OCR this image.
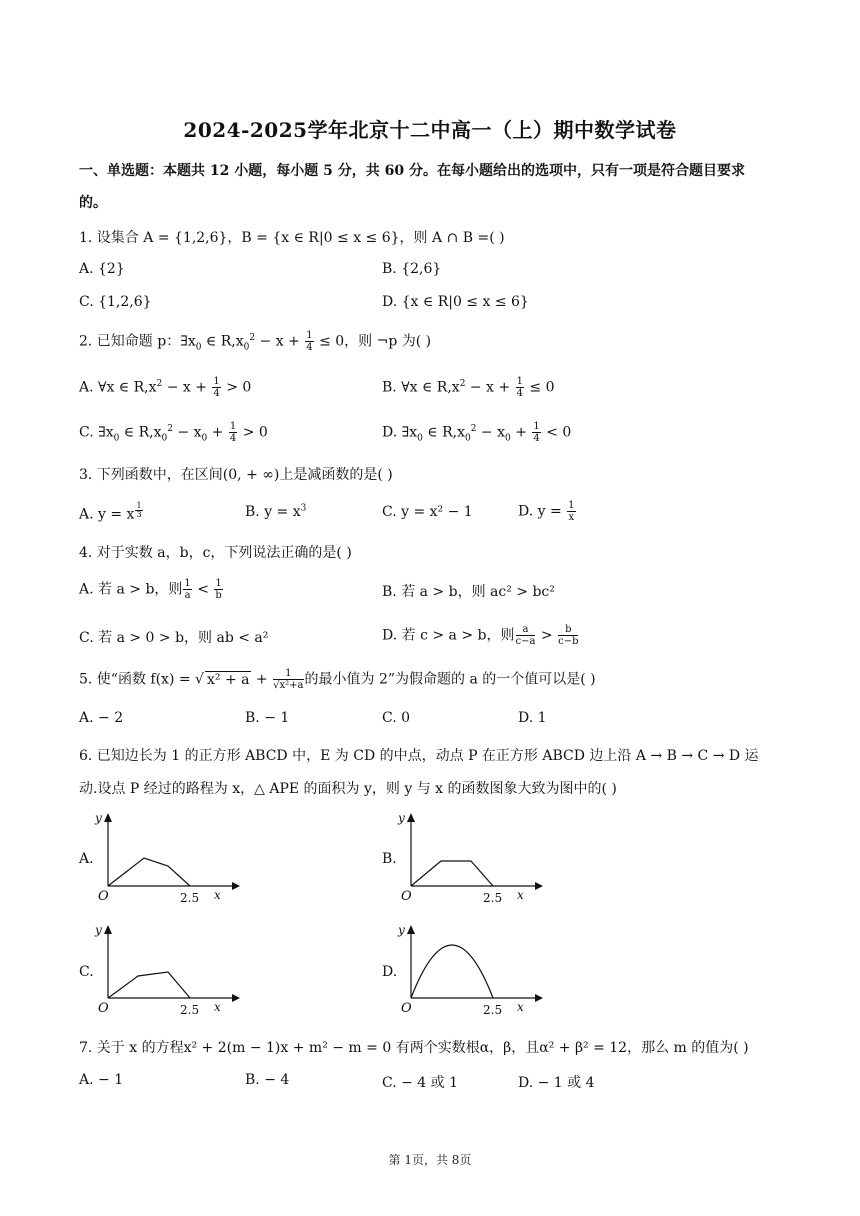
2024-2025学年北京十二中高一（上）期中数学试卷
一、单选题：本题共 12 小题，每小题 5 分，共 60 分。在每小题给出的选项中，只有一项是符合题目要求
的。
1. 设集合 A = {1,2,6}，B = {x ∈ R|0 ≤ x ≤ 6}，则 A ∩ B =( )
A. {2}	B. {2,6}
C. {1,2,6}	D. {x ∈ R|0 ≤ x ≤ 6}
2. 已知命题 p：$\exists x_0$ ∈ $R,x_0^2 - x + \frac{1}{4} \le 0$，则 ¬p 为( )
A. ∀x ∈ $R,x^2 - x + \frac{1}{4} > 0$	B. ∀x ∈ $R,x^2 - x + \frac{1}{4} \le 0$
C. $\exists x_0$ ∈ $R,x_0^2 - x_0 + \frac{1}{4} > 0$	D. $\exists x_0$ ∈ $R,x_0^2 - x_0 + \frac{1}{4} < 0$
3. 下列函数中，在区间(0, + ∞)上是减函数的是( )
A. y = x $^{\frac{1}{3}}$	B. $y = x^3$	C. y = x² − 1	D. $y = \frac{1}{x}$
4. 对于实数 a，b，c，下列说法正确的是( )
A. 若 a > b，则 $\frac{1}{a} < \frac{1}{b}$	B. 若 a > b，则 ac² > bc²
C. 若 a > 0 > b，则 ab < a²	D. 若 c > a > b，则 $\frac{a}{c-a} > \frac{b}{c-b}$
5. 使“函数 f(x) = √ $x^2 + a + \frac{1}{\text{√x²+a}}$ 的最小值为 2”为假命题的 a 的一个值可以是( )
A. − 2	B. − 1	C. 0	D. 1
6. 已知边长为 1 的正方形 ABCD 中，E 为 CD 的中点，动点 P 在正方形 ABCD 边上沿 A → B → C → D 运
动.设点 P 经过的路程为 x，△ APE 的面积为 y，则 y 与 x 的函数图象大致为图中的( )
A.
y
O	2.5 x
B.
y
O	2.5 x
C.
y
O	2.5 x
D.
y
O	2.5 x
7. 关于 x 的方程x² + 2(m − 1)x + m² − m = 0 有两个实数根α，β，且α² + β² = 12，那么 m 的值为( )
A. − 1	B. − 4	C. − 4 或 1	D. − 1 或 4
第 1页，共 8页
